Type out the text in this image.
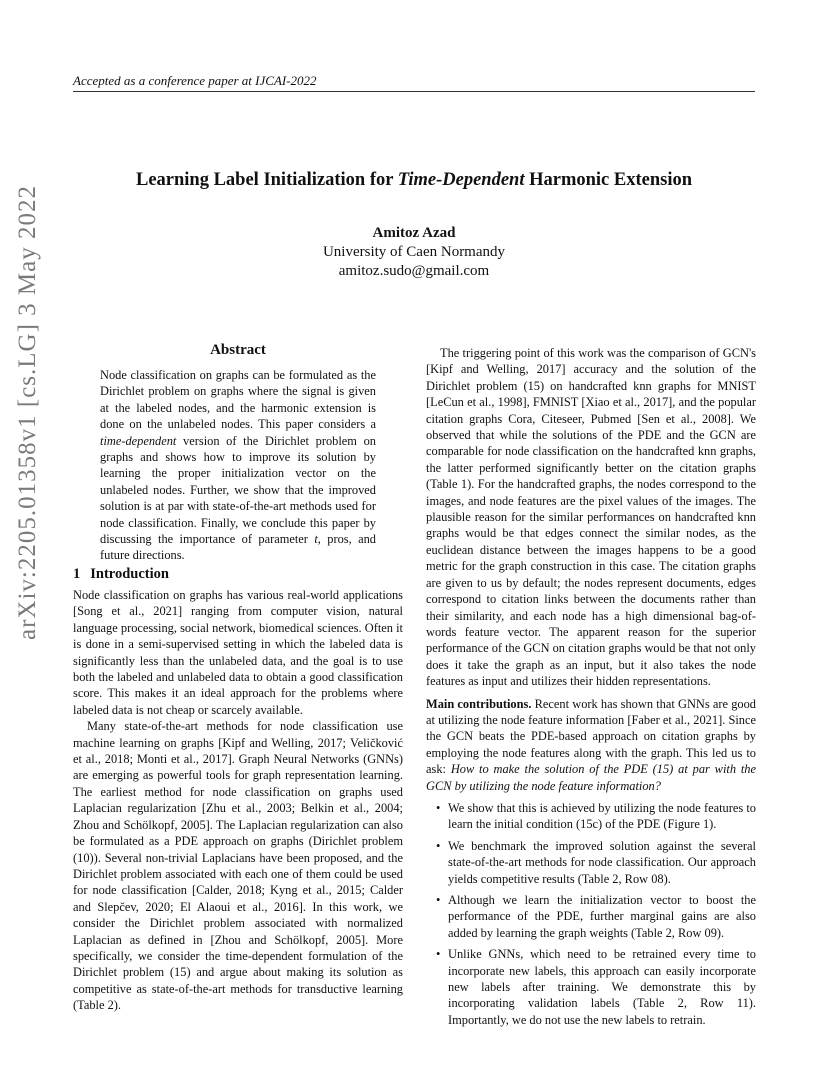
Accepted as a conference paper at IJCAI-2022
arXiv:2205.01358v1 [cs.LG] 3 May 2022
Learning Label Initialization for Time-Dependent Harmonic Extension
Amitoz Azad
University of Caen Normandy
amitoz.sudo@gmail.com
Abstract

Node classification on graphs can be formulated as the Dirichlet problem on graphs where the signal is given at the labeled nodes, and the harmonic extension is done on the unlabeled nodes. This paper considers a time-dependent version of the Dirichlet problem on graphs and shows how to improve its solution by learning the proper initialization vector on the unlabeled nodes. Further, we show that the improved solution is at par with state-of-the-art methods used for node classification. Finally, we conclude this paper by discussing the importance of parameter t, pros, and future directions.

1 Introduction

Node classification on graphs has various real-world applications [Song et al., 2021] ranging from computer vision, natural language processing, social network, biomedical sciences. Often it is done in a semi-supervised setting in which the labeled data is significantly less than the unlabeled data, and the goal is to use both the labeled and unlabeled data to obtain a good classification score. This makes it an ideal approach for the problems where labeled data is not cheap or scarcely available.

Many state-of-the-art methods for node classification use machine learning on graphs [Kipf and Welling, 2017; Veličković et al., 2018; Monti et al., 2017]. Graph Neural Networks (GNNs) are emerging as powerful tools for graph representation learning. The earliest method for node classification on graphs used Laplacian regularization [Zhu et al., 2003; Belkin et al., 2004; Zhou and Schölkopf, 2005]. The Laplacian regularization can also be formulated as a PDE approach on graphs (Dirichlet problem (10)). Several non-trivial Laplacians have been proposed, and the Dirichlet problem associated with each one of them could be used for node classification [Calder, 2018; Kyng et al., 2015; Calder and Slepčev, 2020; El Alaoui et al., 2016]. In this work, we consider the Dirichlet problem associated with normalized Laplacian as defined in [Zhou and Schölkopf, 2005]. More specifically, we consider the time-dependent formulation of the Dirichlet problem (15) and argue about making its solution as competitive as state-of-the-art methods for transductive learning (Table 2).

The triggering point of this work was the comparison of GCN's [Kipf and Welling, 2017] accuracy and the solution of the Dirichlet problem (15) on handcrafted knn graphs for MNIST [LeCun et al., 1998], FMNIST [Xiao et al., 2017], and the popular citation graphs Cora, Citeseer, Pubmed [Sen et al., 2008]. We observed that while the solutions of the PDE and the GCN are comparable for node classification on the handcrafted knn graphs, the latter performed significantly better on the citation graphs (Table 1). For the handcrafted graphs, the nodes correspond to the images, and node features are the pixel values of the images. The plausible reason for the similar performances on handcrafted knn graphs would be that edges connect the similar nodes, as the euclidean distance between the images happens to be a good metric for the graph construction in this case. The citation graphs are given to us by default; the nodes represent documents, edges correspond to citation links between the documents rather than their similarity, and each node has a high dimensional bag-of-words feature vector. The apparent reason for the superior performance of the GCN on citation graphs would be that not only does it take the graph as an input, but it also takes the node features as input and utilizes their hidden representations.

Main contributions. Recent work has shown that GNNs are good at utilizing the node feature information [Faber et al., 2021]. Since the GCN beats the PDE-based approach on citation graphs by employing the node features along with the graph. This led us to ask: How to make the solution of the PDE (15) at par with the GCN by utilizing the node feature information?

• We show that this is achieved by utilizing the node features to learn the initial condition (15c) of the PDE (Figure 1).
• We benchmark the improved solution against the several state-of-the-art methods for node classification. Our approach yields competitive results (Table 2, Row 08).
• Although we learn the initialization vector to boost the performance of the PDE, further marginal gains are also added by learning the graph weights (Table 2, Row 09).
• Unlike GNNs, which need to be retrained every time to incorporate new labels, this approach can easily incorporate new labels after training. We demonstrate this by incorporating validation labels (Table 2, Row 11). Importantly, we do not use the new labels to retrain.
